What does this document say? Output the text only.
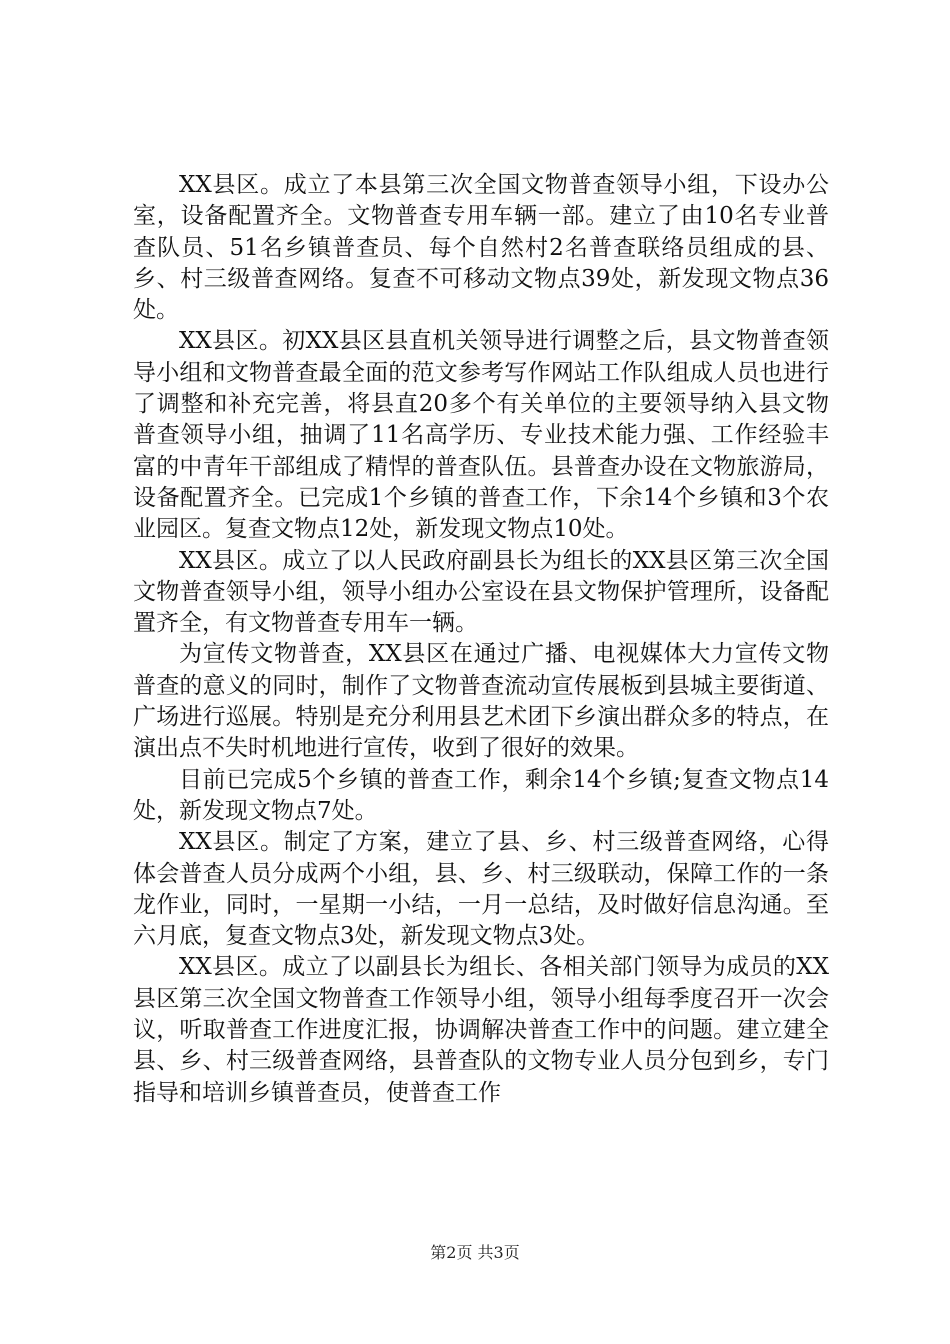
XX县区。成立了本县第三次全国文物普查领导小组，下设办公室，设备配置齐全。文物普查专用车辆一部。建立了由10名专业普查队员、51名乡镇普查员、每个自然村2名普查联络员组成的县、乡、村三级普查网络。复查不可移动文物点39处，新发现文物点36处。

XX县区。初XX县区县直机关领导进行调整之后，县文物普查领导小组和文物普查最全面的范文参考写作网站工作队组成人员也进行了调整和补充完善，将县直20多个有关单位的主要领导纳入县文物普查领导小组，抽调了11名高学历、专业技术能力强、工作经验丰富的中青年干部组成了精悍的普查队伍。县普查办设在文物旅游局，设备配置齐全。已完成1个乡镇的普查工作，下余14个乡镇和3个农业园区。复查文物点12处，新发现文物点10处。

XX县区。成立了以人民政府副县长为组长的XX县区第三次全国文物普查领导小组，领导小组办公室设在县文物保护管理所，设备配置齐全，有文物普查专用车一辆。

为宣传文物普查，XX县区在通过广播、电视媒体大力宣传文物普查的意义的同时，制作了文物普查流动宣传展板到县城主要街道、广场进行巡展。特别是充分利用县艺术团下乡演出群众多的特点，在演出点不失时机地进行宣传，收到了很好的效果。

目前已完成5个乡镇的普查工作，剩余14个乡镇;复查文物点14处，新发现文物点7处。

XX县区。制定了方案，建立了县、乡、村三级普查网络，心得体会普查人员分成两个小组，县、乡、村三级联动，保障工作的一条龙作业，同时，一星期一小结，一月一总结，及时做好信息沟通。至六月底，复查文物点3处，新发现文物点3处。

XX县区。成立了以副县长为组长、各相关部门领导为成员的XX县区第三次全国文物普查工作领导小组，领导小组每季度召开一次会议，听取普查工作进度汇报，协调解决普查工作中的问题。建立建全县、乡、村三级普查网络，县普查队的文物专业人员分包到乡，专门指导和培训乡镇普查员，使普查工作

第2页 共3页
